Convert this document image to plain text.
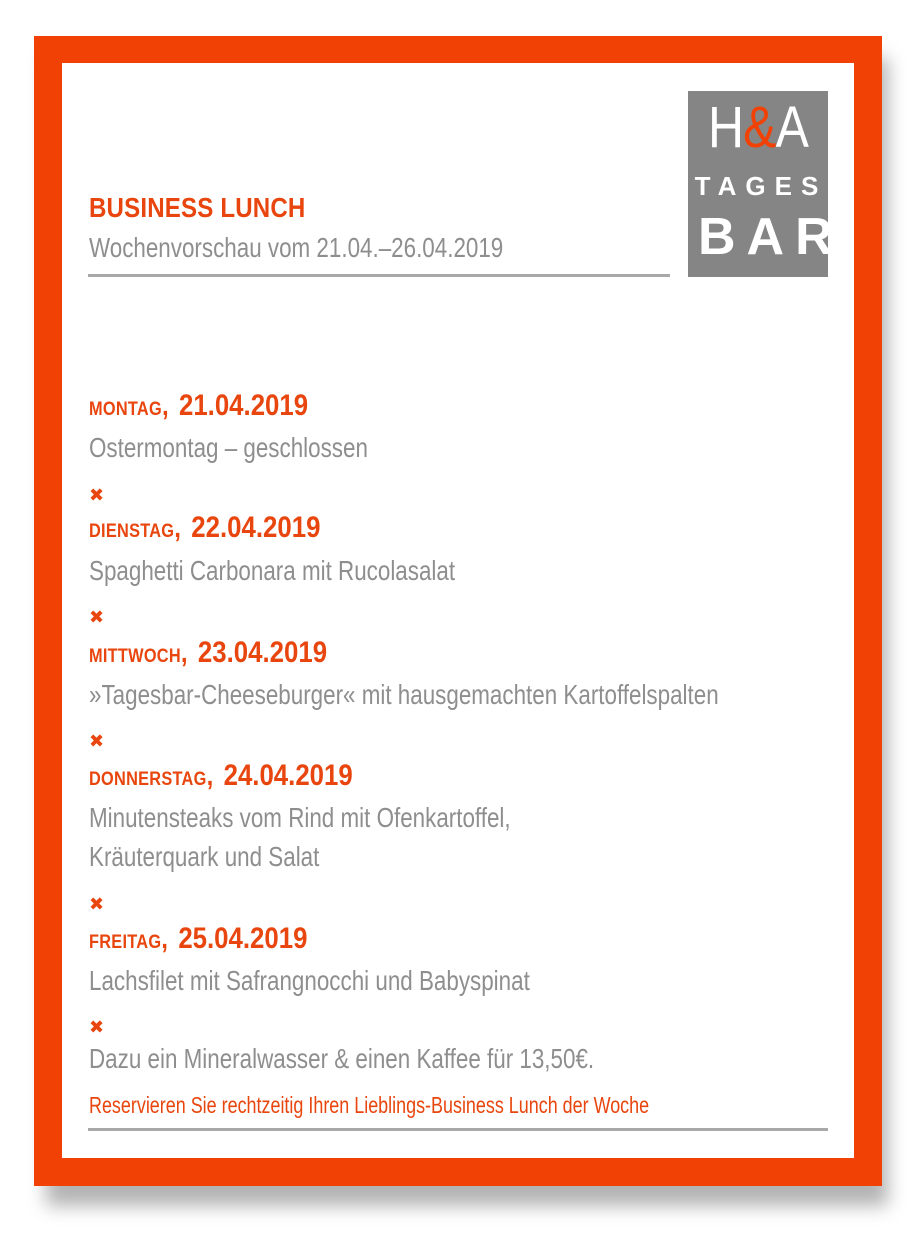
BUSINESS LUNCH

Wochenvorschau vom 21.04.–26.04.2019

H&A
TAGES
BAR

MONTAG, 21.04.2019

Ostermontag – geschlossen

✖

DIENSTAG, 22.04.2019

Spaghetti Carbonara mit Rucolasalat

✖

MITTWOCH, 23.04.2019

»Tagesbar-Cheeseburger« mit hausgemachten Kartoffelspalten

✖

DONNERSTAG, 24.04.2019

Minutensteaks vom Rind mit Ofenkartoffel,

Kräuterquark und Salat

✖

FREITAG, 25.04.2019

Lachsfilet mit Safrangnocchi und Babyspinat

✖

Dazu ein Mineralwasser & einen Kaffee für 13,50€.

Reservieren Sie rechtzeitig Ihren Lieblings-Business Lunch der Woche
